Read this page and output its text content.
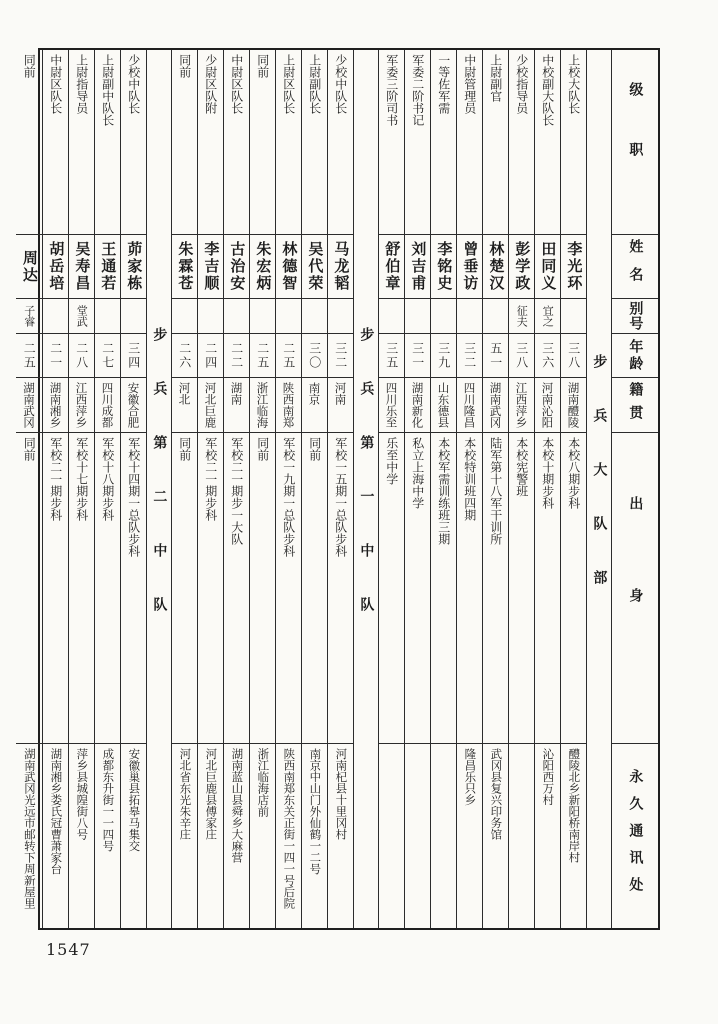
级职
姓名
别号
年龄
籍贯
出身
永久通讯处
步兵大队部
上校大队长
李光环
三八
湖南醴陵
本校八期步科
醴陵北乡新阳桥南岸村
中校副大队长
田同义
宜之
三六
河南沁阳
本校十期步科
沁阳西万村
少校指导员
彭学政
征夫
三八
江西萍乡
本校宪警班
上尉副官
林楚汉
五一
湖南武冈
陆军第十八军干训所
武冈县复兴印务馆
中尉管理员
曾垂访
三二
四川隆昌
本校特训班四期
隆昌乐只乡
一等佐军需
李铭史
三九
山东德县
本校军需训练班三期
军委二阶书记
刘吉甫
三一
湖南新化
私立上海中学
军委三阶司书
舒伯章
三五
四川乐至
乐至中学
步兵第一中队
少校中队长
马龙韬
三二
河南
军校一五期一总队步科
河南杞县十里冈村
上尉副队长
吴代荣
三〇
南京
同前
南京中山门外仙鹤一二号
上尉区队长
林德智
二五
陕西南郑
军校一九期一总队步科
陕西南郑东关正街一四一号后院
同前
朱宏炳
二五
浙江临海
同前
浙江临海店前
中尉区队长
古治安
二二
湖南
军校二一期步一大队
湖南蓝山县舜乡大麻营
少尉区队附
李吉顺
二四
河北巨鹿
军校二一期步科
河北巨鹿县傅家庄
同前
朱霖苍
二六
河北
同前
河北省东光朱辛庄
步兵第二中队
少校中队长
茆家栋
三四
安徽合肥
军校十四期一总队步科
安徽巢县拓皋马集交
上尉副中队长
王通若
二七
四川成都
军校十八期步科
成都东升街一一四号
上尉指导员
吴寿昌
堂武
二八
江西萍乡
军校十七期步科
萍乡县城隍街八号
中尉区队长
胡岳培
二一
湖南湘乡
军校二一期步科
湖南湘乡娄氏冠曹萧家台
同前
周达
子睿
二五
湖南武冈
同前
湖南武冈光远市邮转下周新屋里
1547
